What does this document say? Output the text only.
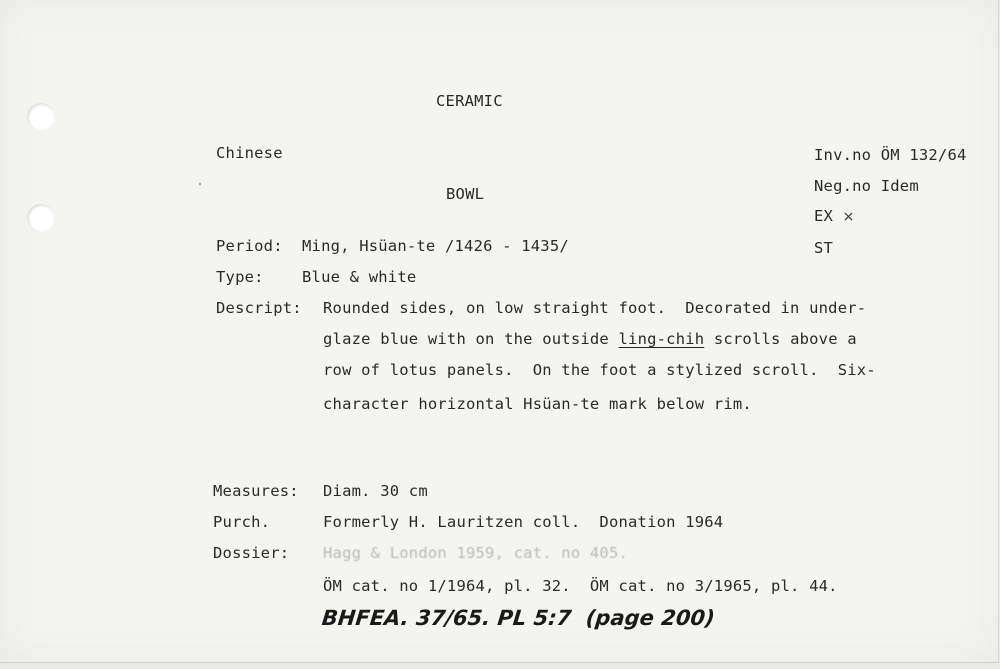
CERAMIC
Chinese
BOWL
Inv.no ÖM 132/64
Neg.no Idem
EX ×
ST
Period: Ming, Hsüan-te /1426 - 1435/
Type: Blue & white
Descript: Rounded sides, on low straight foot.  Decorated in under-
glaze blue with on the outside ling-chih scrolls above a
row of lotus panels.  On the foot a stylized scroll.  Six-
character horizontal Hsüan-te mark below rim.
Measures: Diam. 30 cm
Purch.	Formerly H. Lauritzen coll.  Donation 1964
Dossier: Hagg & London 1959, cat. no 405.
ÖM cat. no 1/1964, pl. 32.  ÖM cat. no 3/1965, pl. 44.
BHFEA. 37/65. PL 5:7  (page 200)
